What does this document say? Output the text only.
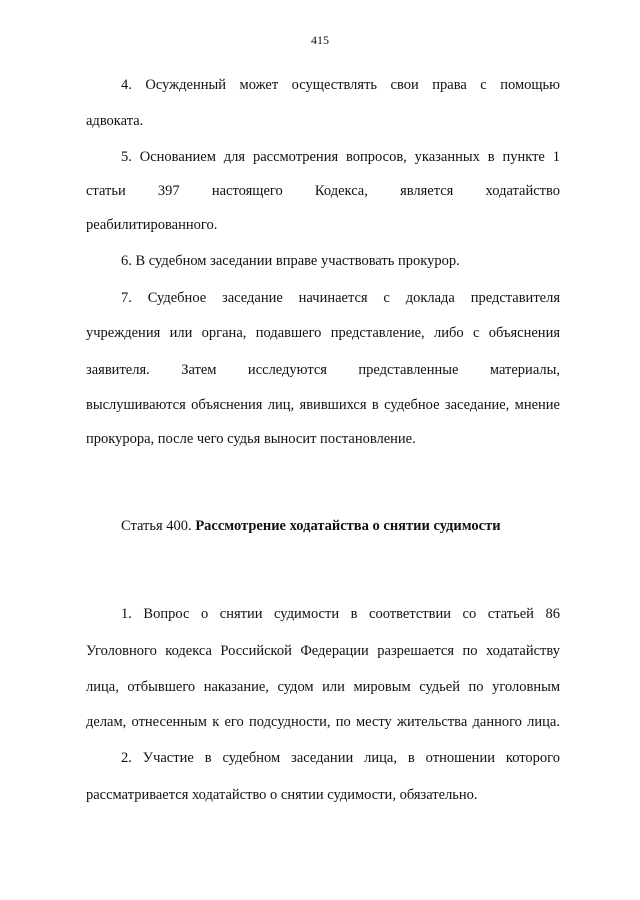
415
4. Осужденный может осуществлять свои права с помощью
адвоката.
5. Основанием для рассмотрения вопросов, указанных в пункте 1
статьи 397 настоящего Кодекса, является ходатайство
реабилитированного.
6. В судебном заседании вправе участвовать прокурор.
7. Судебное заседание начинается с доклада представителя
учреждения или органа, подавшего представление, либо с объяснения
заявителя. Затем исследуются представленные материалы,
выслушиваются объяснения лиц, явившихся в судебное заседание, мнение
прокурора, после чего судья выносит постановление.
Статья 400. Рассмотрение ходатайства о снятии судимости
1. Вопрос о снятии судимости в соответствии со статьей 86
Уголовного кодекса Российской Федерации разрешается по ходатайству
лица, отбывшего наказание, судом или мировым судьей по уголовным
делам, отнесенным к его подсудности, по месту жительства данного лица.
2. Участие в судебном заседании лица, в отношении которого
рассматривается ходатайство о снятии судимости, обязательно.
